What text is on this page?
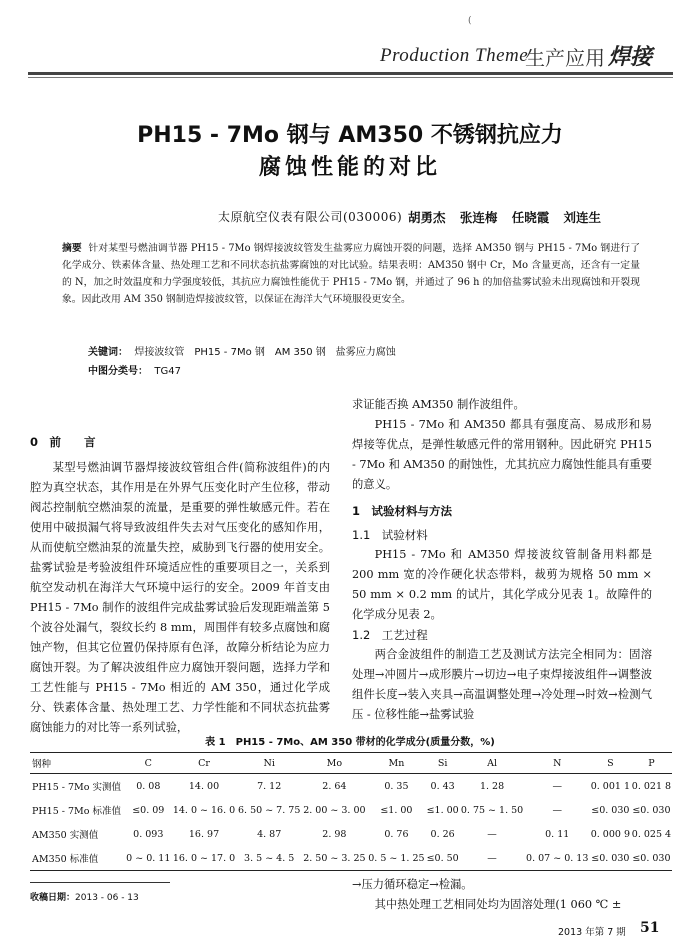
(
Production Theme
生产应用 焊接
PH15 - 7Mo 钢与 AM350 不锈钢抗应力
腐蚀性能的对比
太原航空仪表有限公司(030006) 胡勇杰 张连梅 任晓霞 刘连生
摘要 针对某型号燃油调节器 PH15 - 7Mo 钢焊接波纹管发生盐雾应力腐蚀开裂的问题，选择 AM350 钢与 PH15 - 7Mo 钢进行了化学成分、铁素体含量、热处理工艺和不同状态抗盐雾腐蚀的对比试验。结果表明：AM350 钢中 Cr，Mo 含量更高，还含有一定量的 N，加之时效温度和力学强度较低，其抗应力腐蚀性能优于 PH15 - 7Mo 钢，并通过了 96 h 的加倍盐雾试验未出现腐蚀和开裂现象。因此改用 AM 350 钢制造焊接波纹管，以保证在海洋大气环境服役更安全。
关键词： 焊接波纹管　PH15 - 7Mo 钢　AM 350 钢　盐雾应力腐蚀
中图分类号： TG47
0　前　　言

某型号燃油调节器焊接波纹管组合件(简称波组件)的内腔为真空状态，其作用是在外界气压变化时产生位移，带动阀芯控制航空燃油泵的流量，是重要的弹性敏感元件。若在使用中破损漏气将导致波组件失去对气压变化的感知作用，从而使航空燃油泵的流量失控，威胁到飞行器的使用安全。盐雾试验是考验波组件环境适应性的重要项目之一，关系到航空发动机在海洋大气环境中运行的安全。2009 年首支由 PH15 - 7Mo 制作的波组件完成盐雾试验后发现距端盖第 5 个波谷处漏气，裂纹长约 8 mm，周围伴有较多点腐蚀和腐蚀产物，但其它位置仍保持原有色泽，故障分析结论为应力腐蚀开裂。为了解决波组件应力腐蚀开裂问题，选择力学和工艺性能与 PH15 - 7Mo 相近的 AM 350，通过化学成分、铁素体含量、热处理工艺、力学性能和不同状态抗盐雾腐蚀能力的对比等一系列试验，

求证能否换 AM350 制作波组件。

PH15 - 7Mo 和 AM350 都具有强度高、易成形和易焊接等优点，是弹性敏感元件的常用钢种。因此研究 PH15 - 7Mo 和 AM350 的耐蚀性，尤其抗应力腐蚀性能具有重要的意义。

1　试验材料与方法
1.1　试验材料

PH15 - 7Mo 和 AM350 焊接波纹管制备用料都是 200 mm 宽的冷作硬化状态带料，裁剪为规格 50 mm × 50 mm × 0.2 mm 的试片，其化学成分见表 1。故障件的化学成分见表 2。

1.2　工艺过程

两合金波组件的制造工艺及测试方法完全相同为：固溶处理→冲圆片→成形膜片→切边→电子束焊接波组件→调整波组件长度→装入夹具→高温调整处理→冷处理→时效→检测气压 - 位移性能→盐雾试验

表 1　PH15 - 7Mo、AM 350 带材的化学成分(质量分数，%)
钢种	C	Cr	Ni	Mo	Mn	Si	Al	N	S	P
PH15 - 7Mo 实测值	0. 08	14. 00	7. 12	2. 64	0. 35	0. 43	1. 28	—	0. 001 1	0. 021 8
PH15 - 7Mo 标准值	≤0. 09	14. 0 ~ 16. 0	6. 50 ~ 7. 75	2. 00 ~ 3. 00	≤1. 00	≤1. 00	0. 75 ~ 1. 50	—	≤0. 030	≤0. 030
AM350 实测值	0. 093	16. 97	4. 87	2. 98	0. 76	0. 26	—	0. 11	0. 000 9	0. 025 4
AM350 标准值	0 ~ 0. 11	16. 0 ~ 17. 0	3. 5 ~ 4. 5	2. 50 ~ 3. 25	0. 5 ~ 1. 25	≤0. 50	—	0. 07 ~ 0. 13	≤0. 030	≤0. 030
→压力循环稳定→检漏。
其中热处理工艺相同处均为固溶处理(1 060 ℃ ±
收稿日期：2013 - 06 - 13
2013 年第 7 期 51
